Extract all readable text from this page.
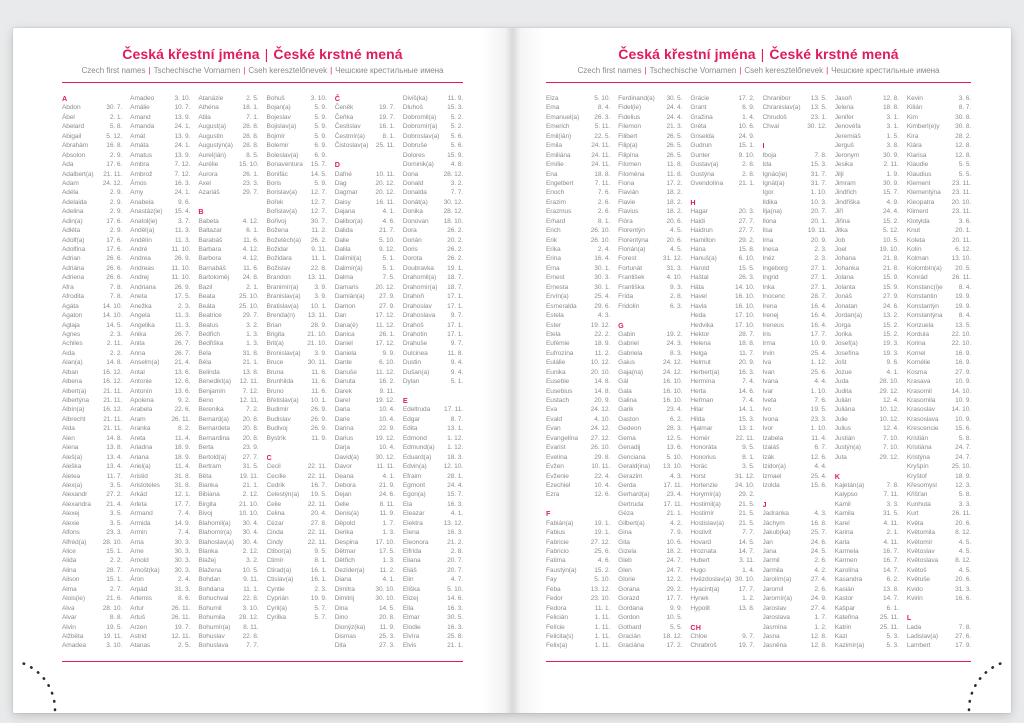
Česká křestní jména | České krstné mená
Czech first names | Tschechische Vornamen | Cseh keresztelőnevek | Чешские крестильные имена
A
Abdon	30. 7.
Ábel	2. 1.
Abelard	5. 8.
Abigail	5. 12.
Abrahám	16. 8.
Absolon	2. 9.
Ada	17. 6.
Adalbert(a)	21. 11.
Adam	24. 12.
Adéla	2. 9.
Adelaida	2. 9.
Adelina	2. 9.
Adin(a)	17. 6.
Adléta	2. 9.
Adolf(a)	17. 6.
Adolfina	17. 6.
Adrian	26. 6.
Adriána	26. 6.
Adriena	26. 6.
Afra	7. 8.
Afrodita	7. 8.
Agáta	14. 10.
Agaton	14. 10.
Aglaja	14. 5.
Agnes	2. 3.
Achiles	2. 11.
Aida	2. 2.
Alan(a)	14. 8.
Alban	16. 12.
Albena	16. 12.
Albert(a)	21. 11.
Albertýna	21. 11.
Albín(a)	16. 12.
Albrecht	21. 11.
Alda	21. 11.
Alen	14. 8.
Alena	13. 8.
Aleš(a)	13. 4.
Aleška	13. 4.
Aletea	11. 7.
Alex(a)	3. 5.
Alexandr	27. 2.
Alexandra	21. 4.
Alexej	3. 5.
Alexie	3. 5.
Alfons	23. 3.
Alfréd(a)	28. 10.
Alice	15. 1.
Alida	2. 2.
Alina	28. 7.
Alison	15. 1.
Alma	2. 7.
Alois(ie)	21. 6.
Alva	28. 10.
Alvar	8. 8.
Alvin	19. 5.
Alžběta	19. 11.
Amadea	3. 10.
Amadeo	3. 10.
Amálie	10. 7.
Amand	13. 9.
Amanda	24. 1.
Amát	13. 9.
Amáta	24. 1.
Amatus	13. 9.
Ambra	7. 12.
Ambrož	7. 12.
Ámos	16. 3.
Amy	24. 1.
Anabela	9. 6.
Anastáz(ie)	15. 4.
Anatol(ie)	3. 7.
Anděl(a)	11. 3.
Andělín	11. 3.
André	11. 10.
Andrea	26. 9.
Andreas	11. 10.
Andrej	11. 10.
Andriana	26. 9.
Aneta	17. 5.
Anežka	2. 3.
Angela	11. 3.
Angelika	11. 3.
Anika	26. 7.
Anita	26. 7.
Anna	26. 7.
Anselm(a)	21. 4.
Antal	13. 6.
Antonie	12. 6.
Antonín	13. 6.
Apolena	9. 2.
Arabela	22. 6.
Aram	26. 11.
Aranka	8. 2.
Areta	11. 4.
Ariadna	18. 9.
Ariana	18. 9.
Ariel(a)	11. 4.
Aristid	31. 8.
Aristoteles	31. 8.
Arkád	12. 1.
Arleta	17. 7.
Armand	7. 4.
Armida	14. 9.
Armin	7. 4.
Arna	30. 3.
Arne	30. 3.
Arnold	30. 3.
Arnošt(ka)	30. 3.
Áron	2. 4.
Arpád	31. 3.
Artemis	8. 6.
Artur	26. 11.
Artuš	26. 11.
Arzen	19. 7.
Astrid	12. 11.
Atanas	2. 5.
Atanázie	2. 5.
Athéna	18. 1.
Atila	7. 1.
August(a)	28. 8.
Augustin	28. 8.
Augustýn(a)	28. 8.
Aurel(ián)	8. 5.
Aurélie	15. 10.
Aurora	26. 1.
Axel	23. 3.
Azariáš	29. 7.
B
Babeta	4. 12.
Baltazar	6. 1.
Barabáš	11. 6.
Barbara	4. 12.
Barbora	4. 12.
Barnabáš	11. 6.
Bartoloměj	24. 8.
Bazil	2. 1.
Beata	25. 10.
Beáta	25. 10.
Beatrice	29. 7.
Beatus	3. 2.
Bedřich	1. 3.
Bedřiška	1. 3.
Bela	31. 8.
Béla	21. 1.
Belinda	13. 8.
Benedikt(a)	12. 11.
Benjamín	7. 12.
Beno	12. 11.
Berenika	7. 2.
Bernard(a)	20. 8.
Bernardeta	20. 8.
Bernardina	20. 8.
Berta	23. 9.
Bertold(a)	27. 7.
Bertram	31. 5.
Běta	19. 11.
Bianka	21. 1.
Bibiana	2. 12.
Birgita	21. 10.
Bivoj	10. 10.
Blahomil(a)	30. 4.
Blahomír(a)	30. 4.
Blahoslav(a)	30. 4.
Blanka	2. 12.
Blažej	3. 2.
Blažena	10. 5.
Bohdan	9. 11.
Bohdana	11. 1.
Bohuchval	22. 8.
Bohumil	3. 10.
Bohumila	28. 12.
Bohumír(a)	8. 11.
Bohuslav	22. 8.
Bohuslava	7. 7.
Bohuš	3. 10.
Bojan(a)	5. 9.
Bojeslav	5. 9.
Bojislav(a)	5. 9.
Bojmír	5. 9.
Bolemír	6. 9.
Boleslav(a)	6. 9.
Bonaventura	15. 7.
Bonifác	14. 5.
Boris	5. 9.
Borislav(a)	12. 7.
Bořek	12. 7.
Bořislav(a)	12. 7.
Bořivoj	30. 7.
Božena	11. 2.
Božetěch(a)	26. 2.
Božidar	9. 11.
Božidara	11. 1.
Božislav	22. 8.
Brandon	13. 11.
Branimír(a)	3. 9.
Branislav(a)	3. 9.
Bratislav(a)	10. 1.
Brenda(n)	13. 11.
Brian	28. 9.
Brigita	21. 10.
Brit(a)	21. 10.
Bronislav(a)	3. 9.
Bruce	30. 11.
Bruna	11. 6.
Brunhilda	11. 6.
Bruno	11. 6.
Břetislav(a)	10. 1.
Budimír	26. 9.
Budislav	26. 9.
Budivoj	26. 9.
Bystrík	11. 9.
C
Cecil	22. 11.
Cecílie	22. 11.
Cedrik	16. 7.
Celestýn(a)	19. 5.
Celie	22. 11.
Celina	20. 4.
Cézar	27. 8.
Cinda	22. 11.
Cindy	22. 11.
Ctibor(a)	9. 5.
Ctimír	8. 1.
Ctirad(a)	16. 1.
Ctislav(a)	16. 1.
Cyntie	2. 3.
Cyprián	19. 9.
Cyril(a)	5. 7.
Cyrilka	5. 7.
Č
Čeněk	19. 7.
Čeňka	19. 7.
Čestislav	16. 1.
Čestmír(a)	8. 1.
Čistoslav(a)	25. 11.
D
Dafné	10. 11.
Dag	20. 12.
Dagmar	20. 12.
Daisy	16. 11.
Dajana	4. 1.
Dalibor(a)	4. 6.
Dalida	21. 7.
Dalie	5. 10.
Dalila	9. 12.
Dalimil(a)	5. 1.
Dalimír(a)	5. 1.
Dalma	7. 5.
Damaris	20. 12.
Damián(a)	27. 9.
Damon	27. 9.
Dan	17. 12.
Dana(é)	11. 12.
Danica	26. 1.
Daniel	17. 12.
Daniela	9. 9.
Dante	6. 10.
Danuše	11. 12.
Danuta	16. 2.
Darek	9. 11.
Darel	19. 12.
Daria	10. 4.
Darie	10. 4.
Darina	22. 9.
Darius	19. 12.
Darja	10. 4.
David(a)	30. 12.
Davor	11. 11.
Deana	4. 1.
Debora	21. 9.
Dejan	24. 6.
Delie	8. 11.
Denis(a)	11. 9.
Děpold	1. 7.
Derika	1. 3.
Despina	17. 10.
Dětmar	17. 5.
Dětřich	1. 3.
Dezider(a)	11. 2.
Diana	4. 1.
Dimitra	30. 10.
Dimitrij	30. 10.
Dina	14. 5.
Dino	20. 8.
Dionýz(ka)	11. 9.
Dismas	25. 3.
Dita	27. 3.
Diviš(ka)	11. 9.
Dluhoš	15. 3.
Dobromil(a)	5. 2.
Dobromír(a)	5. 2.
Dobroslav(a)	5. 6.
Dobruše	5. 6.
Dolores	15. 9.
Dominik(a)	4. 8.
Dona	28. 12.
Donald	3. 2.
Donalda	7. 7.
Donát(a)	30. 12.
Donika	28. 12.
Donovan	18. 10.
Dora	26. 2.
Dorián	20. 2.
Doris	26. 2.
Dorota	26. 2.
Doubravka	19. 1.
Drahomil(a)	18. 7.
Drahomír(a)	18. 7.
Drahoň	17. 1.
Drahoslav	17. 1.
Drahoslava	9. 7.
Drahoš	17. 1.
Drahotín	17. 1.
Drahuše	9. 7.
Dulcinea	11. 8.
Dustin	9. 4.
Dušan(a)	9. 4.
Dylan	5. 1.
E
Edeltruda	17. 11.
Edgar	8. 7.
Edita	13. 1.
Edmond	1. 12.
Edmund(a)	1. 12.
Eduard(a)	18. 3.
Edvin(a)	12. 10.
Efraim	28. 1.
Egmont	24. 4.
Egon(a)	15. 7.
Ela	16. 3.
Eleazar	4. 1.
Elektra	13. 12.
Elena	16. 3.
Eleonora	21. 2.
Elfrída	2. 8.
Eliana	20. 7.
Eliáš	20. 7.
Elin	4. 7.
Eliška	5. 10.
Elizej	14. 6.
Ella	16. 3.
Elmar	30. 5.
Elodie	16. 3.
Elvíra	25. 8.
Elvis	21. 1.
Česká křestní jména | České krstné mená
Czech first names | Tschechische Vornamen | Cseh keresztelőnevek | Чешские крестильные имена
Elza	5. 10.
Ema	8. 4.
Emanuel(a)	26. 3.
Emerich	5. 11.
Emil(ián)	22. 5.
Emila	24. 11.
Emiliána	24. 11.
Emílie	24. 11.
Ena	18. 8.
Engelbert	7. 11.
Enoch	7. 6.
Erazim	2. 6.
Erazmus	2. 6.
Erhard	8. 1.
Erich	26. 10.
Erik	26. 10.
Erika	2. 4.
Erina	16. 4.
Erna	30. 1.
Ernest	30. 3.
Ernesta	30. 1.
Ervín(a)	25. 4.
Esmeralda	29. 6.
Estela	4. 3.
Ester	19. 12.
Etela	22. 2.
Eufémie	18. 9.
Eufrozína	11. 2.
Eulálie	10. 12.
Eunika	20. 10.
Eusebie	14. 8.
Eusebius	14. 8.
Eustach	20. 9.
Eva	24. 12.
Evald	4. 10.
Evan	24. 12.
Evangelína	27. 12.
Evarist	26. 10.
Evelína	29. 8.
Evžen	10. 11.
Evženie	22. 4.
Ezechiel	10. 4.
Ezra	12. 6.
F
Fabián(a)	19. 1.
Fabius	19. 1.
Fabricie	27. 12.
Fabricio	25. 6.
Fatima	4. 6.
Faustýn(a)	15. 2.
Fay	5. 10.
Féba	13. 12.
Fedor	23. 10.
Fedora	11. 1.
Felicián	1. 11.
Felície	1. 11.
Felicita(s)	1. 11.
Felix(a)	1. 11.
Ferdinand(a)	30. 5.
Fidel(ie)	24. 4.
Fidelius	24. 4.
Filemon	21. 3.
Filibert	26. 5.
Filip(a)	26. 5.
Filipína	26. 5.
Filomen	11. 8.
Filoména	11. 8.
Fiona	17. 2.
Flavián	18. 2.
Flavie	18. 2.
Flavius	18. 2.
Flóra	20. 6.
Florentýn	4. 5.
Florentýna	20. 6.
Florián(a)	4. 5.
Forest	31. 12.
Fortunát	31. 3.
František	4. 10.
Františka	9. 3.
Frída	2. 8.
Fridolín	6. 3.
G
Gabin	19. 2.
Gabriel	24. 3.
Gabriela	8. 3.
Gaius	24. 12.
Gaja(na)	24. 12.
Gál	16. 10.
Gala	16. 10.
Galina	16. 10.
Garik	23. 4.
Gaston	6. 2.
Gedeon	28. 3.
Gema	12. 5.
Genadij	13. 6.
Genciana	5. 10.
Gerald(ina)	13. 10.
Gerazim	4. 3.
Gerda	17. 11.
Gerhard(a)	23. 4.
Gertruda	17. 11.
Géza	21. 1.
Gilbert(a)	4. 2.
Gina	7. 9.
Gita	10. 6.
Gizela	18. 2.
Gleb	24. 7.
Glen	24. 7.
Glorie	12. 2.
Gorana	29. 2.
Gorazd	17. 7.
Gordana	9. 9.
Gordon	10. 5.
Gothard	5. 5.
Gracián	18. 12.
Graciána	17. 2.
Grácie	17. 2.
Grant	6. 9.
Gražina	1. 4.
Gréta	10. 6.
Griselda	24. 9.
Gudrun	15. 1.
Gunter	9. 10.
Gustav(a)	2. 8.
Gustýna	2. 8.
Gvendolína	21. 1.
H
Hagar	20. 3.
Haidi	27. 7.
Haidrun	27. 7.
Hamilton	29. 2.
Hana	15. 8.
Hanuš(a)	6. 10.
Harold	15. 5.
Haštal	26. 3.
Háta	14. 10.
Havel	16. 10.
Havla	16. 10.
Heda	17. 10.
Hedvika	17. 10.
Hektor	28. 7.
Helena	18. 8.
Helga	11. 7.
Helmut	20. 9.
Herbert(a)	16. 3.
Hermína	7. 4.
Herta	14. 6.
Heřman	7. 4.
Hilar	14. 1.
Hilda	15. 3.
Hjalmar	13. 1.
Homér	22. 11.
Honoráta	9. 5.
Honorius	8. 1.
Horác	3. 5.
Horst	31. 12.
Hortenzie	24. 10.
Horymír(a)	29. 2.
Hostimil(a)	21. 5.
Hostimír	21. 5.
Hostislav(a)	21. 5.
Hostivít	7. 7.
Hovard	14. 5.
Hroznata	14. 7.
Hubert	3. 11.
Hugo	1. 4.
Hvězdoslav(a) 30. 10.
Hyacint(a)	17. 7.
Hynek	1. 2.
Hypolit	13. 8.
CH
Chloe	9. 7.
Chrabroš	19. 7.
Chranibor	13. 5.
Chranislav(a)	13. 5.
Chrudoš	23. 1.
Chval	30. 12.
I
Iboja	7. 8.
Ida	15. 3.
Ignác(ie)	31. 7.
Ignát(a)	31. 7.
Igor	1. 10.
Ildika	10. 3.
Ilja(na)	20. 7.
Ilona	20. 1.
Ilsa	19. 11.
Ima	20. 9.
Inesa	2. 3.
Inéz	2. 3.
Ingeborg	27. 1.
Ingrid	27. 1.
Inka	27. 1.
Inocenc	28. 7.
Irena	16. 4.
Irenej	16. 4.
Ireneus	16. 4.
Iris	17. 7.
Irma	10. 9.
Irvin	25. 4.
Iva	1. 12.
Ivan	25. 6.
Ivana	4. 4.
Ivar	1. 10.
Iveta	7. 6.
Ivo	19. 5.
Ivona	23. 3.
Ivor	1. 10.
Izabela	11. 4.
Izaiáš	6. 7.
Izák	12. 6.
Izidor(a)	4. 4.
Izmael	25. 4.
Izolda	15. 6.
J
Jadranka	4. 3.
Jáchym	16. 8.
Jakub(ka)	25. 7.
Jan	24. 6.
Jana	24. 5.
Jarmil	2. 6.
Jarmila	4. 2.
Jarolím(a)	27. 4.
Jaromil	2. 6.
Jaromír(a)	24. 9.
Jaroslav	27. 4.
Jaroslava	1. 7.
Jasmína	1. 2.
Jasna	12. 8.
Jasněna	12. 8.
Jasoň	12. 8.
Jelena	18. 8.
Jenifer	3. 1.
Jenovéfa	3. 1.
Jeremiáš	1. 5.
Jerguš	3. 8.
Jeronym	30. 9.
Jesika	2. 11.
Jiljí	1. 9.
Jimram	30. 9.
Jindřich	15. 7.
Jindřiška	4. 9.
Jiří	24. 4.
Jiřina	15. 2.
Jitka	5. 12.
Job	10. 5.
Joel	19. 10.
Johana	21. 8.
Johanka	21. 8.
Jolana	15. 9.
Jolanta	15. 9.
Jonáš	27. 9.
Jonatan	24. 6.
Jordan(a)	13. 2.
Jorga	15. 2.
Jorika	15. 2.
Josef(a)	19. 3.
Josefína	19. 3.
Jošt	9. 6.
Jozue	4. 1.
Juda	28. 10.
Judita	29. 12.
Julián	12. 4.
Juliána	10. 12.
Julie	10. 12.
Julius	12. 4.
Justián	7. 10.
Justýn(a)	7. 10.
Juta	29. 12.
K
Kajetán(a)	7. 8.
Kalypso	7. 11.
Kamil	3. 3.
Kamila	31. 5.
Karel	4. 11.
Karina	2. 1.
Karla	4. 11.
Karmela	16. 7.
Karmen	16. 7.
Karolína	14. 7.
Kasandra	6. 2.
Kasián	13. 8.
Kastor	14. 7.
Kašpar	6. 1.
Kateřina	25. 11.
Katrin	25. 11.
Kazi	5. 3.
Kazimír(a)	5. 3.
Kevin	3. 6.
Kilián	8. 7.
Kim	30. 8.
Kimberl(e)y	30. 8.
Kira	28. 2.
Klára	12. 8.
Klarisa	12. 8.
Klaudie	5. 5.
Klaudius	5. 5.
Klement	23. 11.
Klementýna	23. 11.
Kleopatra	20. 10.
Kliment	23. 11.
Klotylda	3. 6.
Knut	20. 1.
Koleta	20. 11.
Kolín	6. 12.
Kolman	13. 10.
Kolombín(a)	20. 5.
Konrád	26. 11.
Konstanc(i)e	8. 4.
Konstantin	19. 9.
Konstantýn	19. 9.
Konstantýna	8. 4.
Konzuela	13. 5.
Kordula	22. 10.
Korina	22. 10.
Kornel	16. 9.
Kornélie	16. 9.
Kosma	27. 9.
Krasava	10. 9.
Krasomil	14. 10.
Krasomila	10. 9.
Krasoslav	14. 10.
Krasoslava	10. 9.
Krescencie	15. 6.
Kristián	5. 8.
Kristiána	24. 7.
Kristýna	24. 7.
Kryšpín	25. 10.
Kryštof	18. 9.
Křesomysl	12. 3.
Křišťan	5. 8.
Kunhuta	3. 3.
Kurt	26. 11.
Květa	20. 6.
Květomila	8. 12.
Květomír	4. 5.
Květoslav	4. 5.
Květoslava	8. 12.
Květoš	4. 5.
Květuše	20. 6.
Kvido	31. 3.
Kvirin	16. 6.
L
Lada	7. 8.
Ladislav(a)	27. 6.
Lambert	17. 9.
